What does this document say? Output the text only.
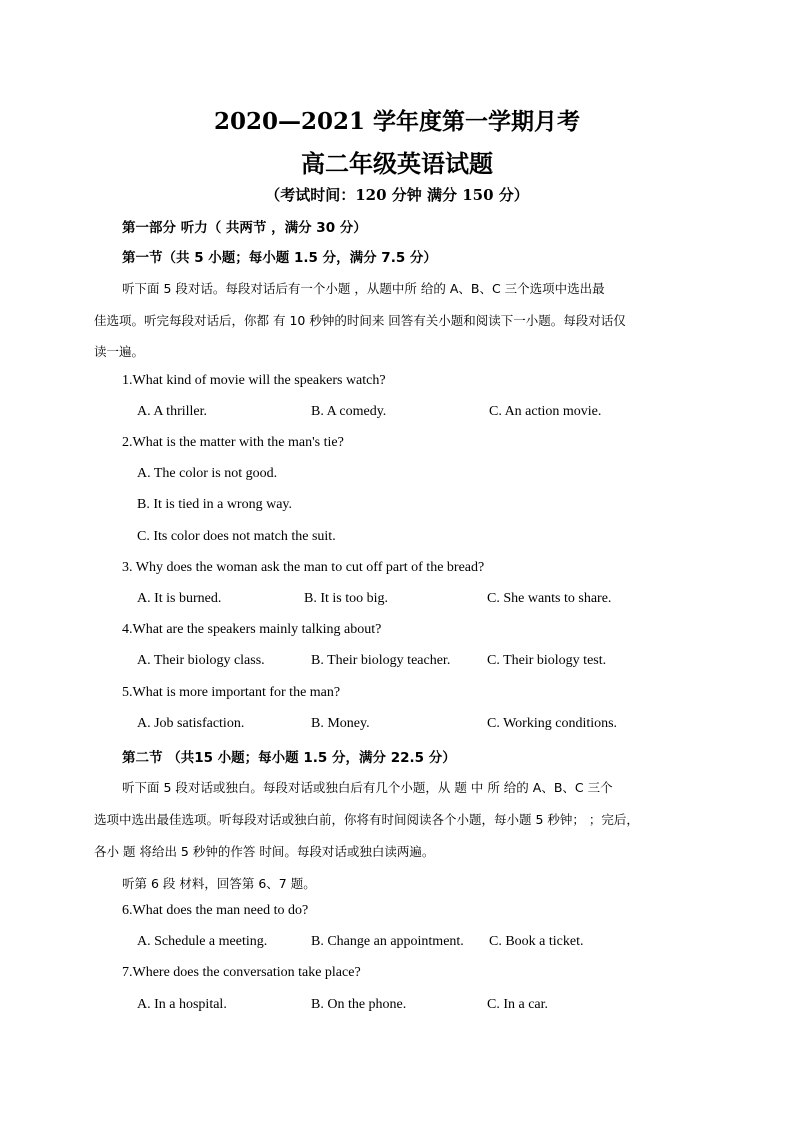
2020—2021 学年度第一学期月考
高二年级英语试题
（考试时间：120 分钟 满分 150 分）
第一部分 听力（ 共两节 ，满分 30 分）
第一节（共 5 小题；每小题 1.5 分，满分 7.5 分）
听下面 5 段对话。每段对话后有一个小题 ，从题中所 给的 A、B、C 三个选项中选出最
佳选项。听完每段对话后，你都 有 10 秒钟的时间来 回答有关小题和阅读下一小题。每段对话仅
读一遍。
1.What kind of movie will the speakers watch?
A. A thriller.	B. A comedy.	C. An action movie.
2.What is the matter with the man's tie?
A. The color is not good.
B. It is tied in a wrong way.
C. Its color does not match the suit.
3. Why does the woman ask the man to cut off part of the bread?
A. It is burned.	B. It is too big.	C. She wants to share.
4.What are the speakers mainly talking about?
A. Their biology class.	B. Their biology teacher.	C. Their biology test.
5.What is more important for the man?
A. Job satisfaction.	B. Money.	C. Working conditions.
第二节 （共15 小题；每小题 1.5 分，满分 22.5 分）
听下面 5 段对话或独白。每段对话或独白后有几个小题，从 题 中 所 给的 A、B、C 三个
选项中选出最佳选项。听每段对话或独白前，你将有时间阅读各个小题，每小题 5 秒钟； ；完后，
各小 题 将给出 5 秒钟的作答 时间。每段对话或独白读两遍。
听第 6 段 材料，回答第 6、7 题。
6.What does the man need to do?
A. Schedule a meeting.	B. Change an appointment. C. Book a ticket.
7.Where does the conversation take place?
A. In a hospital.	B. On the phone.	C. In a car.
